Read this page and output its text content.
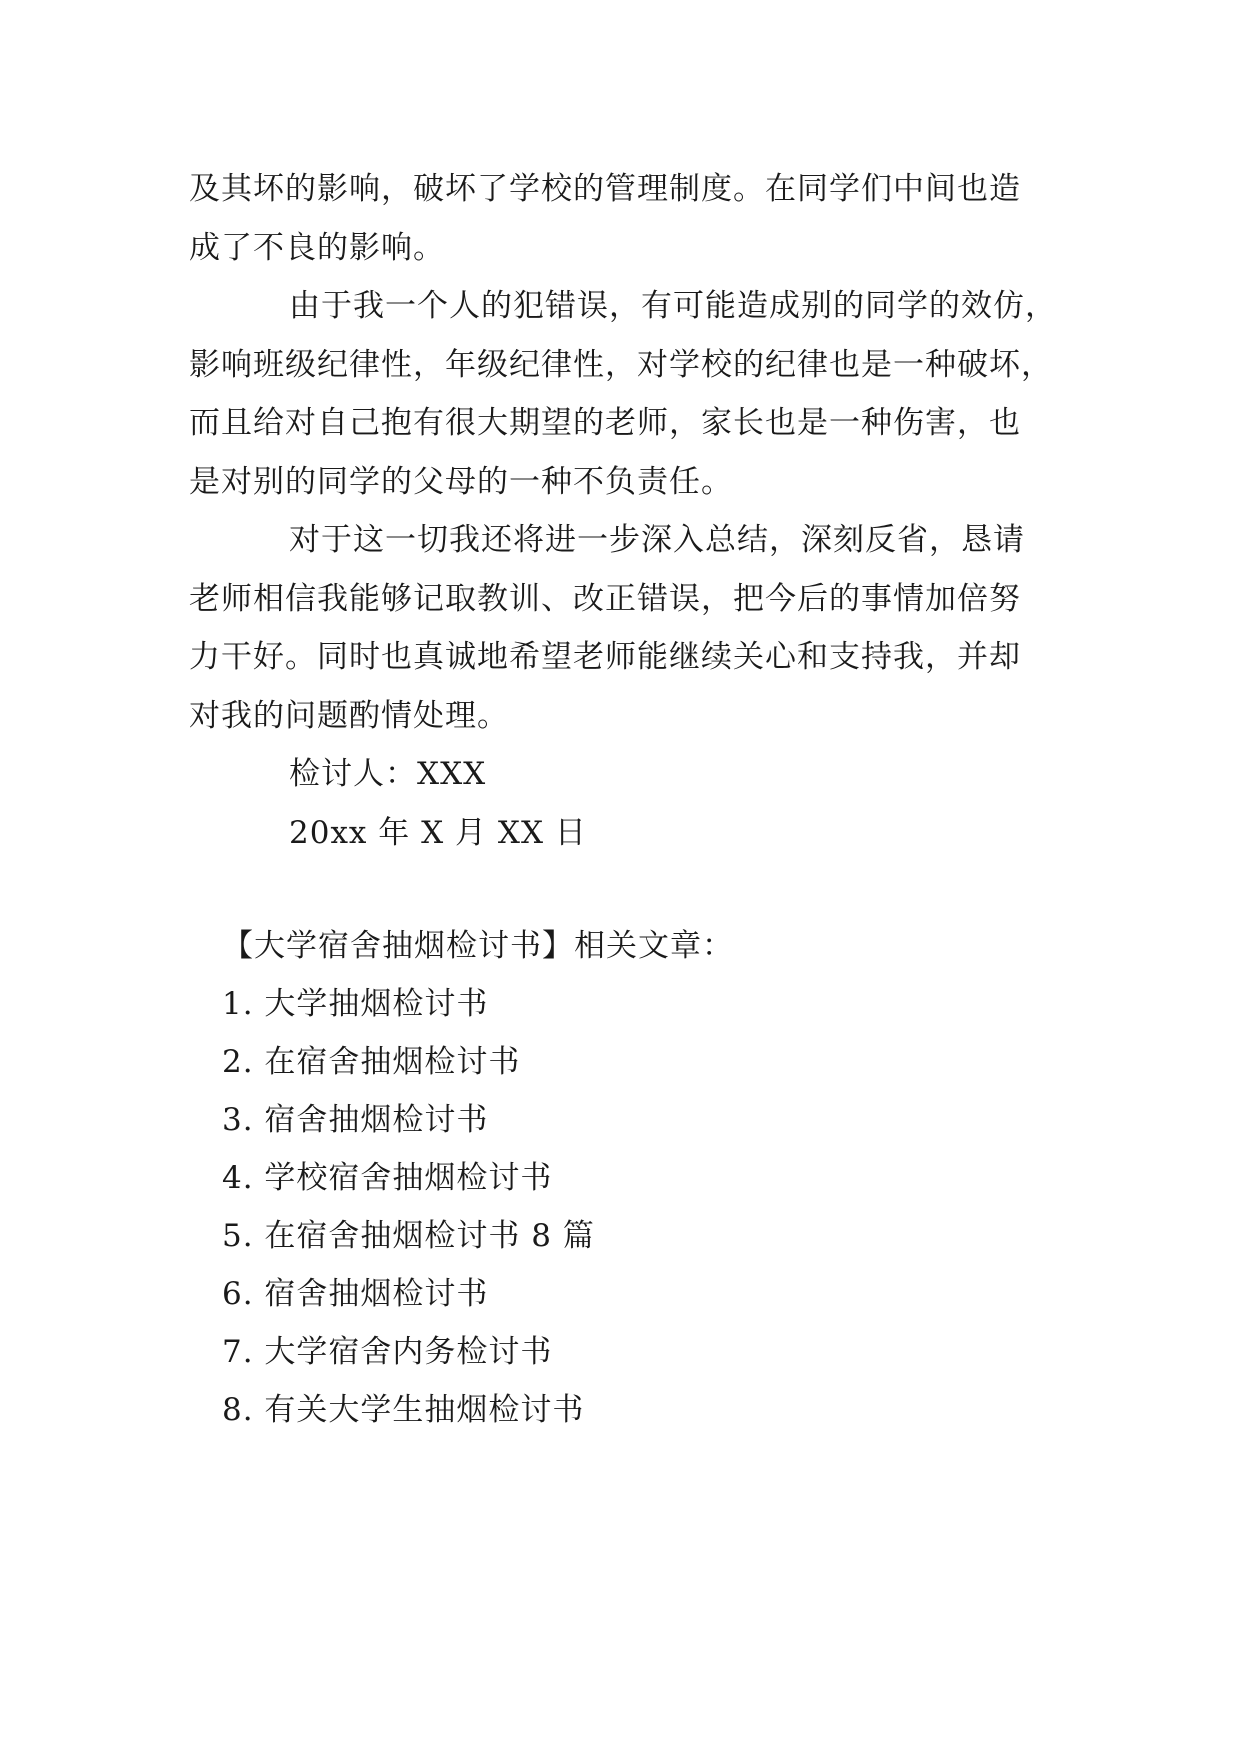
及其坏的影响，破坏了学校的管理制度。在同学们中间也造
成了不良的影响。
由于我一个人的犯错误，有可能造成别的同学的效仿，
影响班级纪律性，年级纪律性，对学校的纪律也是一种破坏，
而且给对自己抱有很大期望的老师，家长也是一种伤害，也
是对别的同学的父母的一种不负责任。
对于这一切我还将进一步深入总结，深刻反省，恳请
老师相信我能够记取教训、改正错误，把今后的事情加倍努
力干好。同时也真诚地希望老师能继续关心和支持我，并却
对我的问题酌情处理。
检讨人：XXX
20xx 年 X 月 XX 日
【大学宿舍抽烟检讨书】相关文章：
1. 大学抽烟检讨书
2. 在宿舍抽烟检讨书
3. 宿舍抽烟检讨书
4. 学校宿舍抽烟检讨书
5. 在宿舍抽烟检讨书 8 篇
6. 宿舍抽烟检讨书
7. 大学宿舍内务检讨书
8. 有关大学生抽烟检讨书
